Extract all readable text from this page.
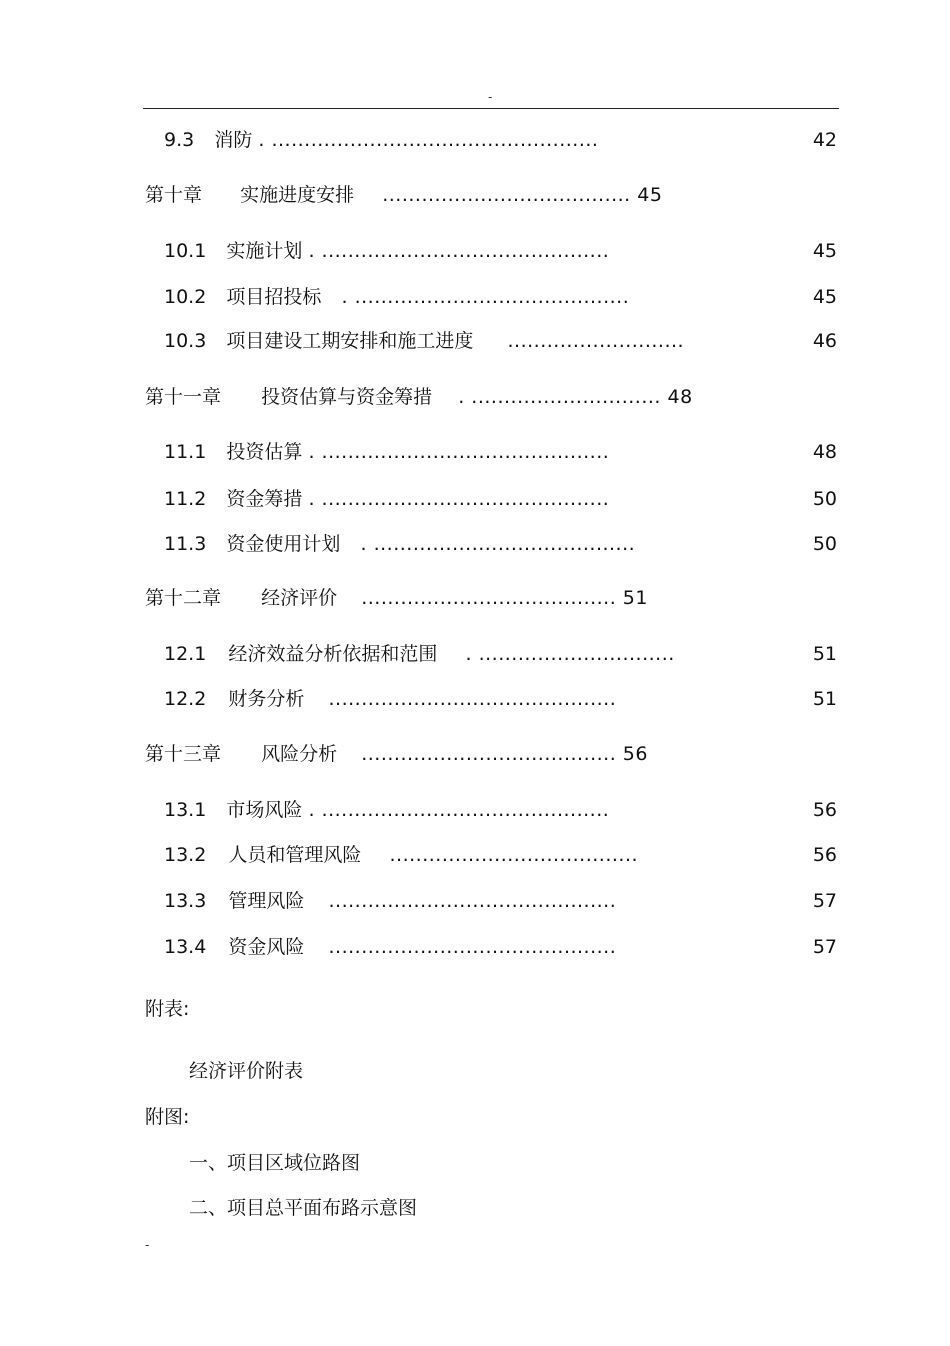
-
9.3 消防 . ..................................................	42
第十章 实施进度安排 ...................................... 45
10.1 实施计划 . ............................................	45
10.2 项目招投标 . ..........................................	45
10.3 项目建设工期安排和施工进度 ...........................	46
第十一章 投资估算与资金筹措 . ............................. 48
11.1 投资估算 . ............................................	48
11.2 资金筹措 . ............................................	50
11.3 资金使用计划 . ........................................	50
第十二章 经济评价 ....................................... 51
12.1 经济效益分析依据和范围 . ..............................	51
12.2 财务分析 ............................................	51
第十三章 风险分析 ....................................... 56
13.1 市场风险 . ............................................	56
13.2 人员和管理风险 ......................................	56
13.3 管理风险 ............................................	57
13.4 资金风险 ............................................	57
附表:
经济评价附表
附图:
一、项目区域位路图
二、项目总平面布路示意图
-
